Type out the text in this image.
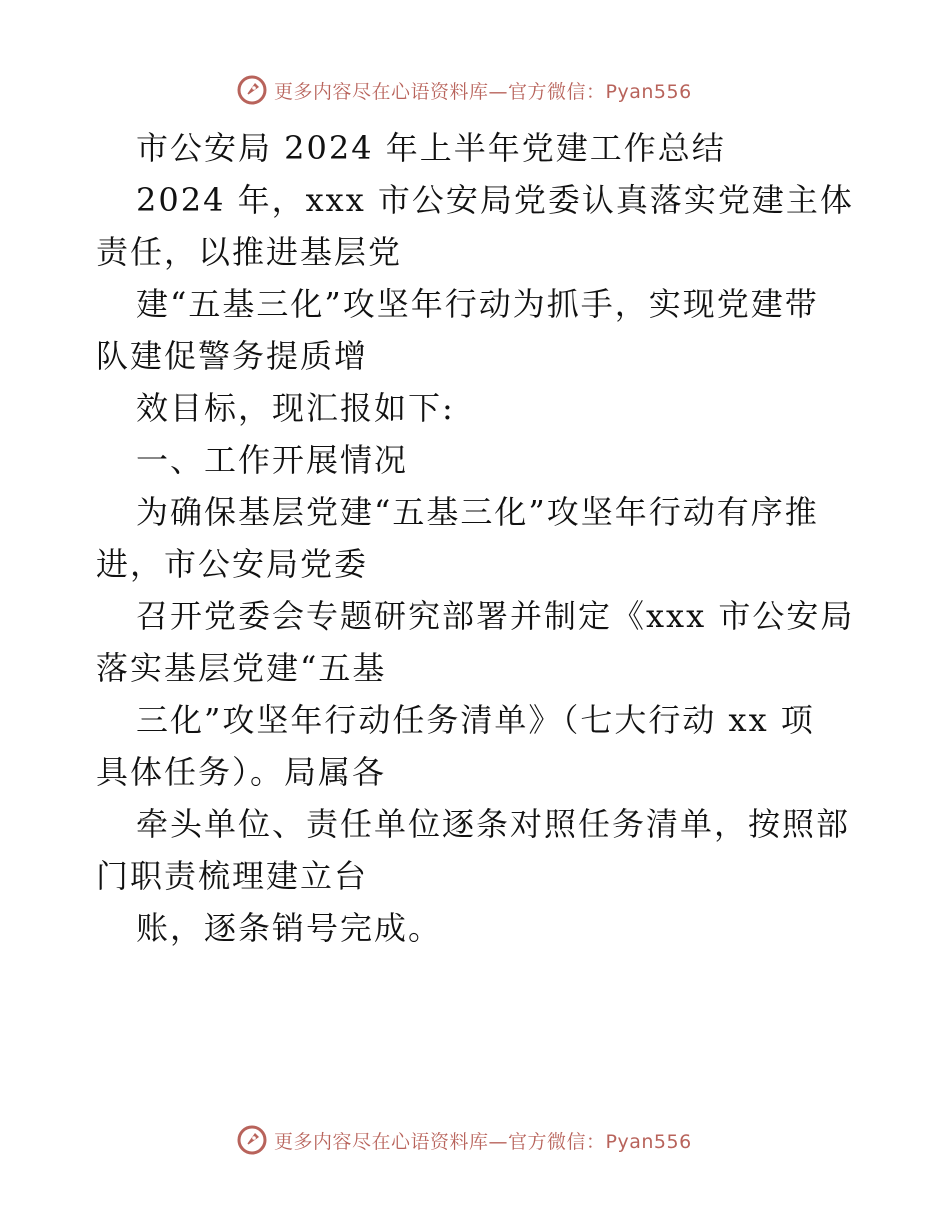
更多内容尽在心语资料库—官方微信：Pyan556
市公安局 2024 年上半年党建工作总结
2024 年，xxx 市公安局党委认真落实党建主体
责任，以推进基层党
建“五基三化”攻坚年行动为抓手，实现党建带
队建促警务提质增
效目标，现汇报如下:
一、工作开展情况
为确保基层党建“五基三化”攻坚年行动有序推
进，市公安局党委
召开党委会专题研究部署并制定《xxx 市公安局
落实基层党建“五基
三化”攻坚年行动任务清单》（七大行动 xx 项
具体任务）。局属各
牵头单位、责任单位逐条对照任务清单，按照部
门职责梳理建立台
账，逐条销号完成。
更多内容尽在心语资料库—官方微信：Pyan556
